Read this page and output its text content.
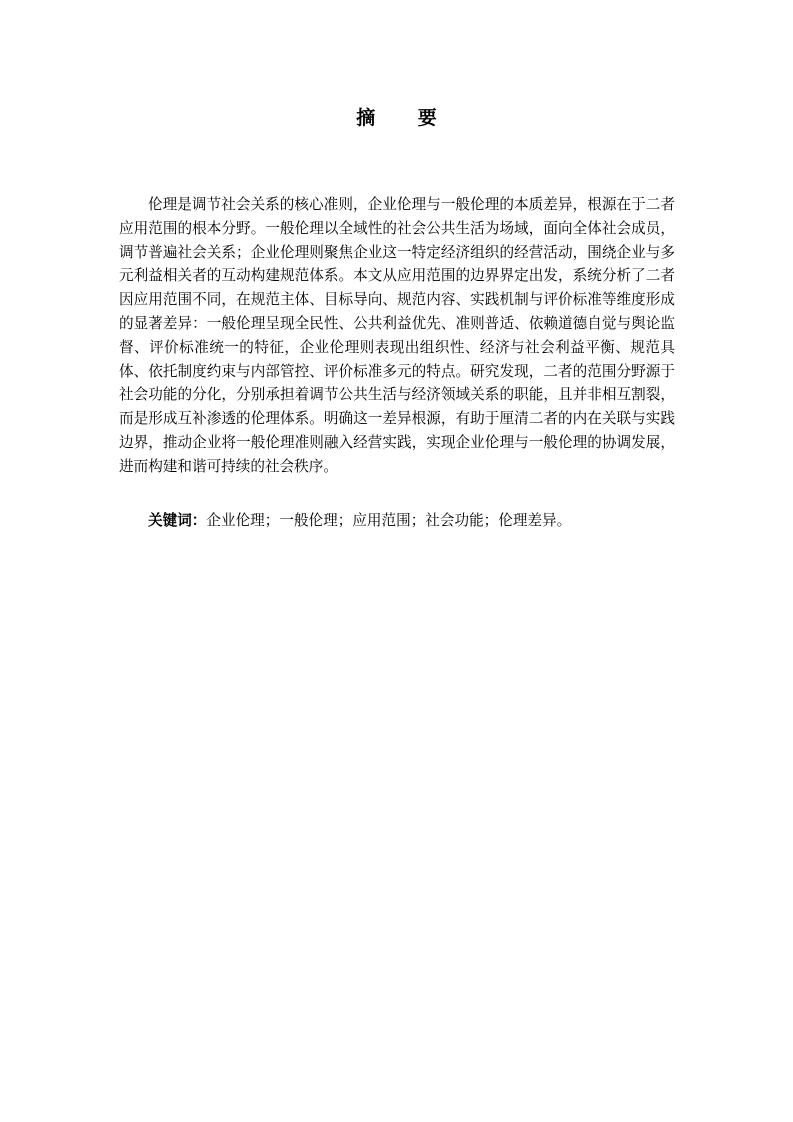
摘 要

伦理是调节社会关系的核心准则，企业伦理与一般伦理的本质差异，根源在于二者应用范围的根本分野。一般伦理以全域性的社会公共生活为场域，面向全体社会成员，调节普遍社会关系；企业伦理则聚焦企业这一特定经济组织的经营活动，围绕企业与多元利益相关者的互动构建规范体系。本文从应用范围的边界界定出发，系统分析了二者因应用范围不同，在规范主体、目标导向、规范内容、实践机制与评价标准等维度形成的显著差异：一般伦理呈现全民性、公共利益优先、准则普适、依赖道德自觉与舆论监督、评价标准统一的特征，企业伦理则表现出组织性、经济与社会利益平衡、规范具体、依托制度约束与内部管控、评价标准多元的特点。研究发现，二者的范围分野源于社会功能的分化，分别承担着调节公共生活与经济领域关系的职能，且并非相互割裂，而是形成互补渗透的伦理体系。明确这一差异根源，有助于厘清二者的内在关联与实践边界，推动企业将一般伦理准则融入经营实践，实现企业伦理与一般伦理的协调发展，进而构建和谐可持续的社会秩序。

关键词：企业伦理；一般伦理；应用范围；社会功能；伦理差异。
